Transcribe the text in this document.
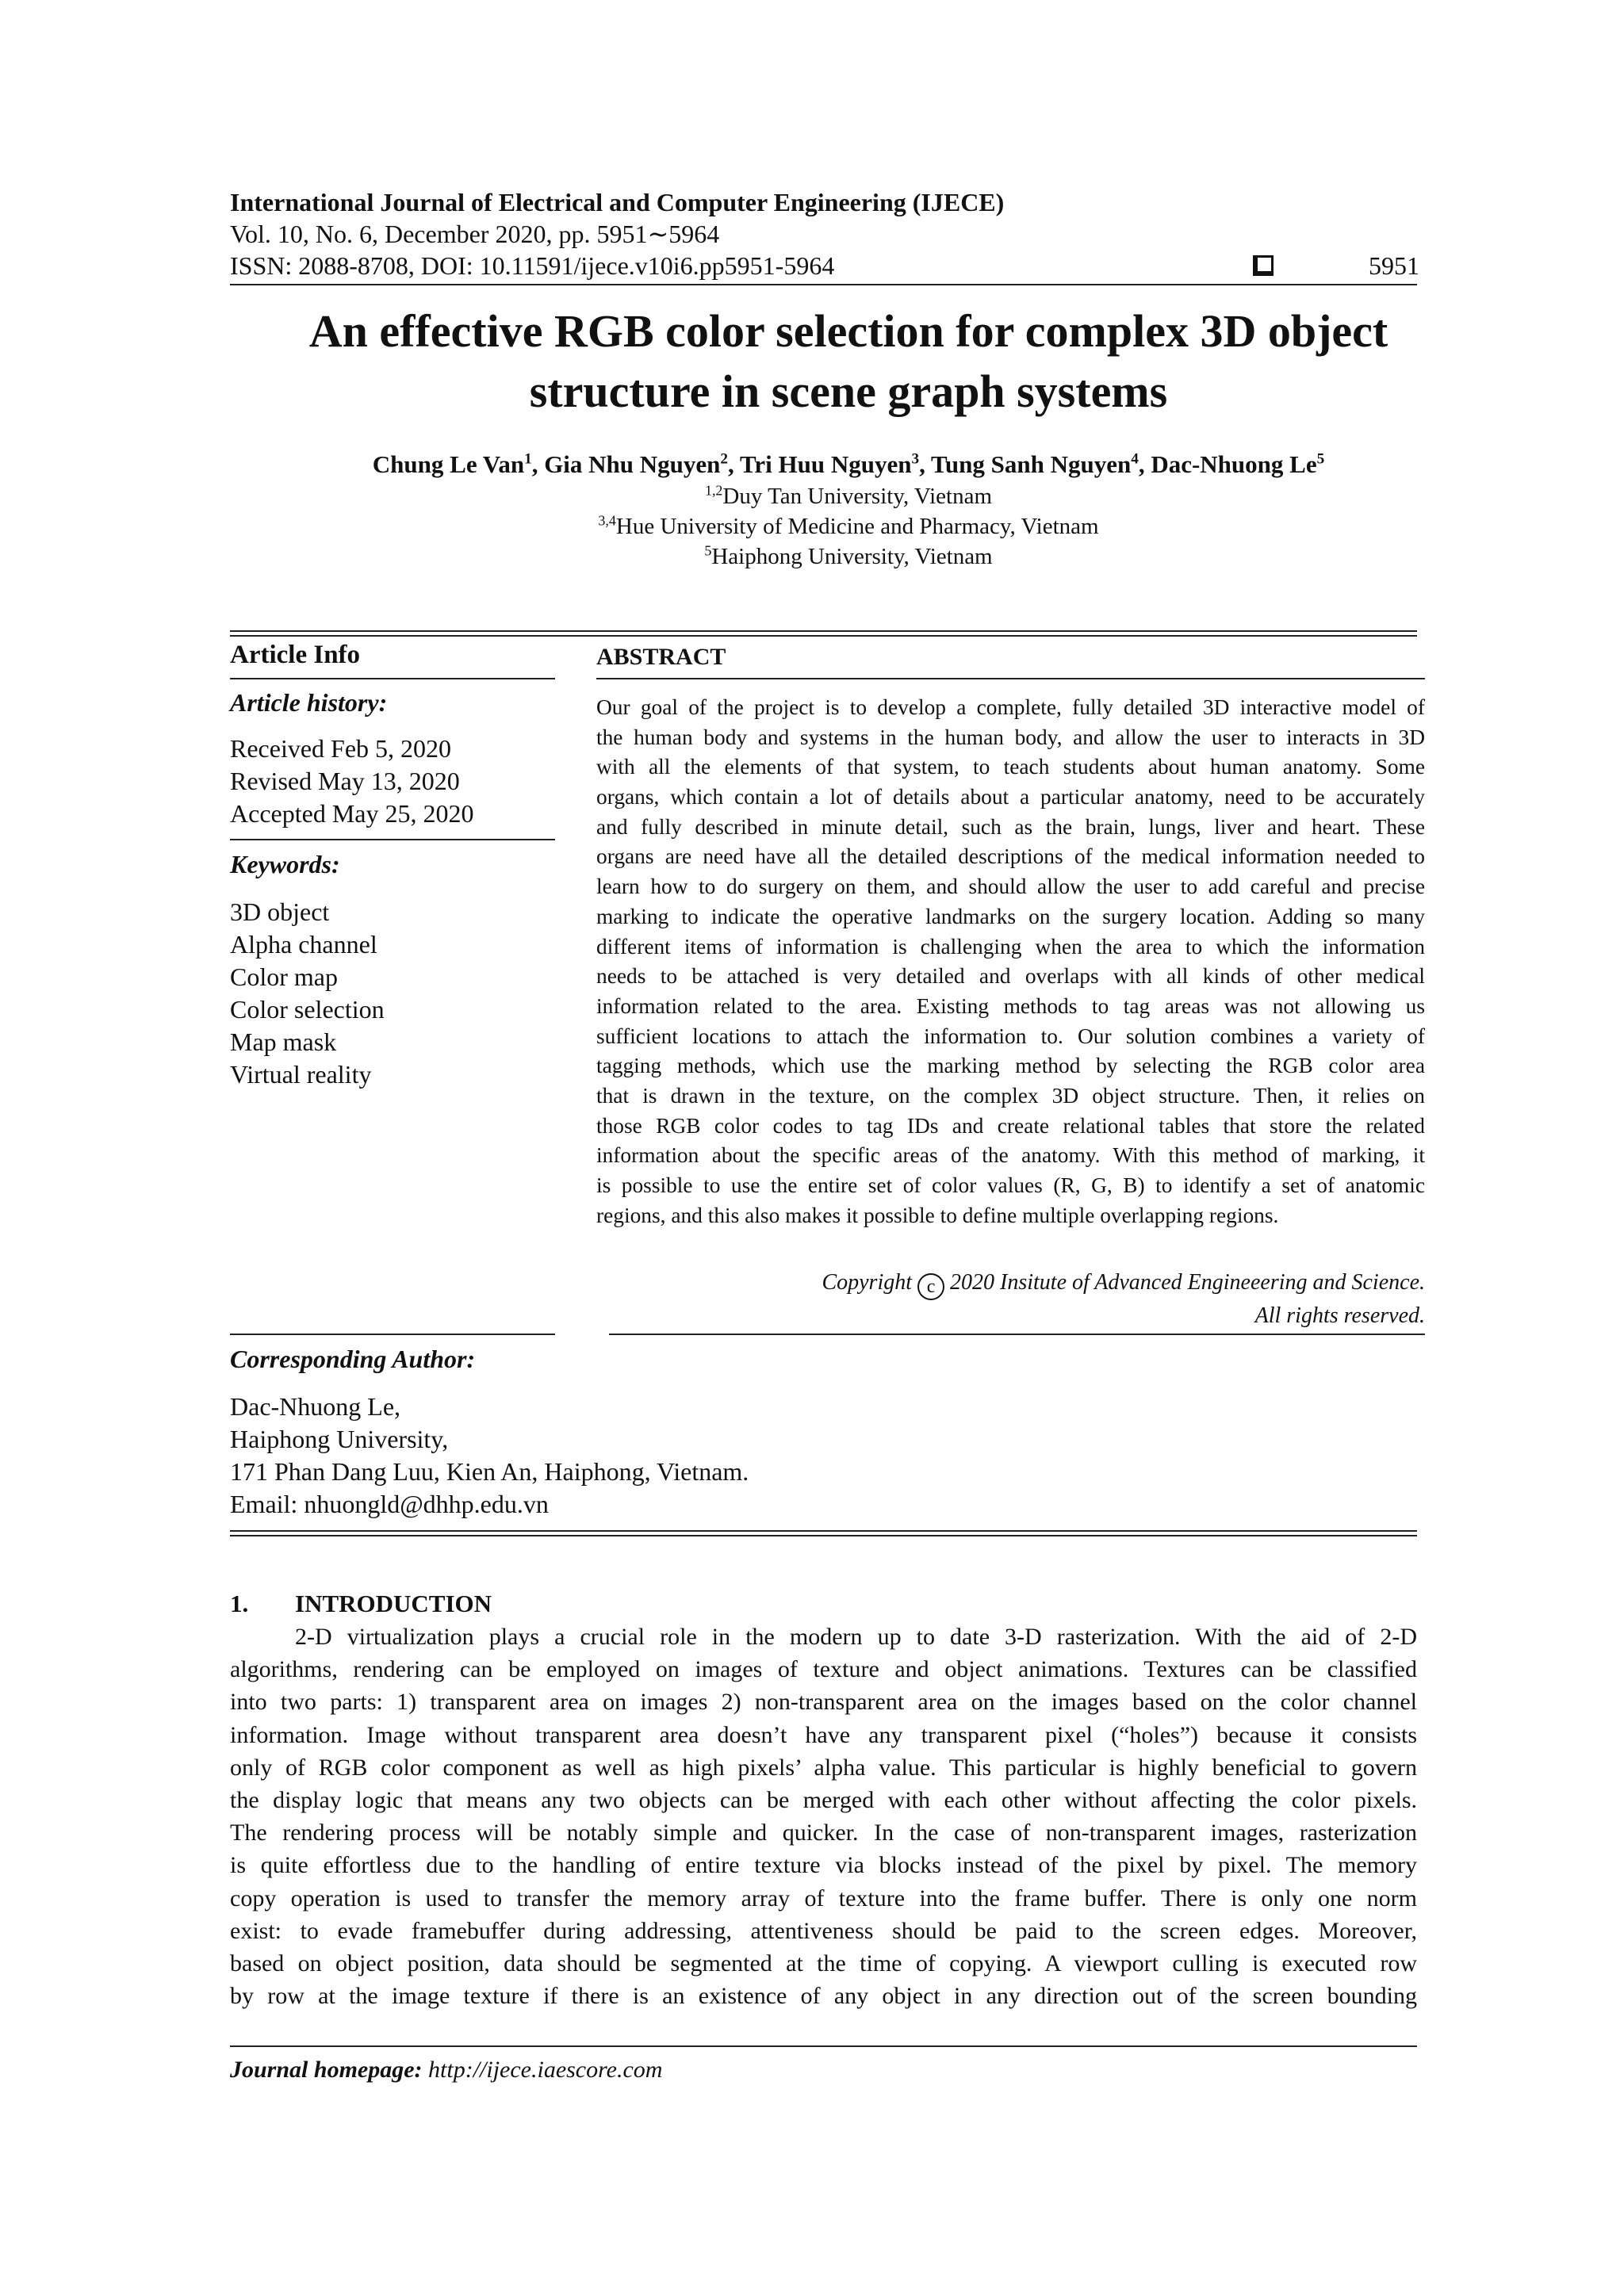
International Journal of Electrical and Computer Engineering (IJECE)
Vol. 10, No. 6, December 2020, pp. 5951∼5964
ISSN: 2088-8708, DOI: 10.11591/ijece.v10i6.pp5951-5964	5951
An effective RGB color selection for complex 3D object
structure in scene graph systems
Chung Le Van$^1$, Gia Nhu Nguyen$^2$, Tri Huu Nguyen$^3$, Tung Sanh Nguyen$^4$, Dac-Nhuong Le$^5$
$^{1,2}$Duy Tan University, Vietnam
$^{3,4}$Hue University of Medicine and Pharmacy, Vietnam
$^5$Haiphong University, Vietnam
Article Info
Article history:
Received Feb 5, 2020
Revised May 13, 2020
Accepted May 25, 2020
Keywords:
3D object
Alpha channel
Color map
Color selection
Map mask
Virtual reality
ABSTRACT
Our goal of the project is to develop a complete, fully detailed 3D interactive model of
the human body and systems in the human body, and allow the user to interacts in 3D
with all the elements of that system, to teach students about human anatomy. Some
organs, which contain a lot of details about a particular anatomy, need to be accurately
and fully described in minute detail, such as the brain, lungs, liver and heart. These
organs are need have all the detailed descriptions of the medical information needed to
learn how to do surgery on them, and should allow the user to add careful and precise
marking to indicate the operative landmarks on the surgery location. Adding so many
different items of information is challenging when the area to which the information
needs to be attached is very detailed and overlaps with all kinds of other medical
information related to the area. Existing methods to tag areas was not allowing us
sufficient locations to attach the information to. Our solution combines a variety of
tagging methods, which use the marking method by selecting the RGB color area
that is drawn in the texture, on the complex 3D object structure. Then, it relies on
those RGB color codes to tag IDs and create relational tables that store the related
information about the specific areas of the anatomy. With this method of marking, it
is possible to use the entire set of color values (R, G, B) to identify a set of anatomic
regions, and this also makes it possible to define multiple overlapping regions.
Copyright c 2020 Insitute of Advanced Engineeering and Science.
All rights reserved.
Corresponding Author:
Dac-Nhuong Le,
Haiphong University,
171 Phan Dang Luu, Kien An, Haiphong, Vietnam.
Email: nhuongld@dhhp.edu.vn
1. INTRODUCTION
2-D virtualization plays a crucial role in the modern up to date 3-D rasterization. With the aid of 2-D
algorithms, rendering can be employed on images of texture and object animations. Textures can be classified
into two parts: 1) transparent area on images 2) non-transparent area on the images based on the color channel
information. Image without transparent area doesn’t have any transparent pixel (“holes”) because it consists
only of RGB color component as well as high pixels’ alpha value. This particular is highly beneficial to govern
the display logic that means any two objects can be merged with each other without affecting the color pixels.
The rendering process will be notably simple and quicker. In the case of non-transparent images, rasterization
is quite effortless due to the handling of entire texture via blocks instead of the pixel by pixel. The memory
copy operation is used to transfer the memory array of texture into the frame buffer. There is only one norm
exist: to evade framebuffer during addressing, attentiveness should be paid to the screen edges. Moreover,
based on object position, data should be segmented at the time of copying. A viewport culling is executed row
by row at the image texture if there is an existence of any object in any direction out of the screen bounding
Journal homepage: http://ijece.iaescore.com
